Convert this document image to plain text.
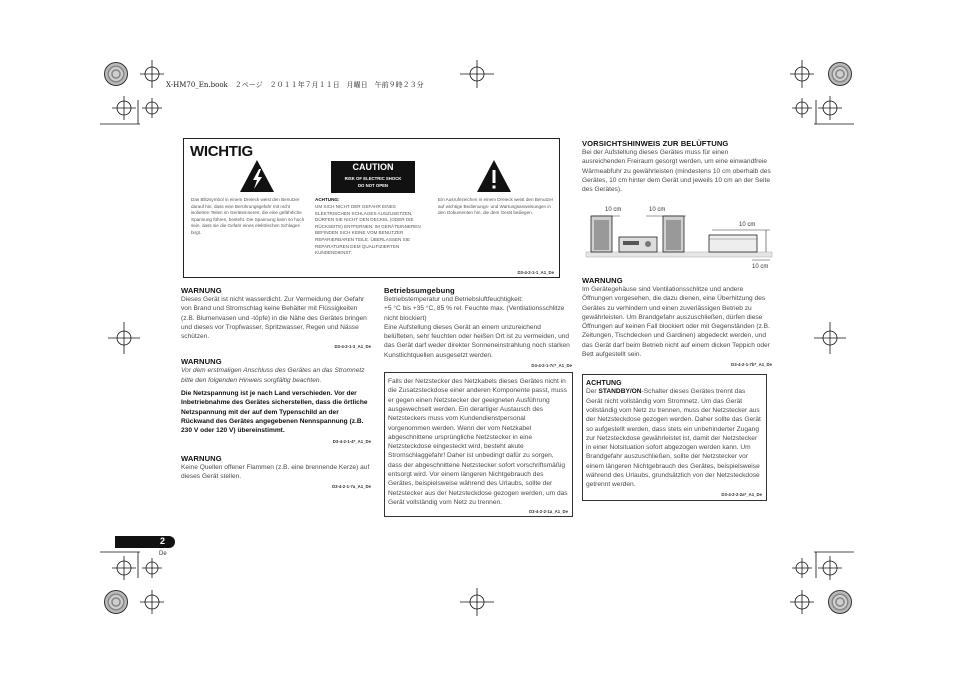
X-HM70_En.book　２ページ　２０１１年７月１１日　月曜日　午前９時２３分
WICHTIG
CAUTION
RISK OF ELECTRIC SHOCK
DO NOT OPEN
Das Blitzsymbol in einem Dreieck weist den Benutzer darauf hin, dass eine Berührungsgefahr mit nicht isolierten Teilen im Geräteinneren, die eine gefährliche Spannung führen, besteht. Die Spannung kann so hoch sein, dass sie die Gefahr eines elektrischen Schlages birgt.
ACHTUNG:
UM SICH NICHT DER GEFAHR EINES ELEKTRISCHEN SCHLAGES AUSZUSETZEN, DÜRFEN SIE NICHT DEN DECKEL (ODER DIE RÜCKSEITE) ENTFERNEN. IM GERÄTEINNEREN BEFINDEN SICH KEINE VOM BENUTZER REPARIERBAREN TEILE. ÜBERLASSEN SIE REPARATUREN DEM QUALIFIZIERTEN KUNDENDIENST.
Ein Ausrufezeichen in einem Dreieck weist den Benutzer auf wichtige Bedienungs- und Wartungsanweisungen in den Dokumenten hin, die dem Gerät beiliegen.
D3-4-2-1-1_A1_De
WARNUNG
Dieses Gerät ist nicht wasserdicht. Zur Vermeidung der Gefahr von Brand und Stromschlag keine Behälter mit Flüssigkeiten (z.B. Blumenvasen und -töpfe) in die Nähe des Gerätes bringen und dieses vor Tropfwasser, Spritzwasser, Regen und Nässe schützen.
D3-4-2-1-3_A1_De
WARNUNG
Vor dem erstmaligen Anschluss des Gerätes an das Stromnetz bitte den folgenden Hinweis sorgfältig beachten.
Die Netzspannung ist je nach Land verschieden. Vor der Inbetriebnahme des Gerätes sicherstellen, dass die örtliche Netzspannung mit der auf dem Typenschild an der Rückwand des Gerätes angegebenen Nennspannung (z.B. 230 V oder 120 V) übereinstimmt.
D3-4-2-1-4*_A1_De
WARNUNG
Keine Quellen offener Flammen (z.B. eine brennende Kerze) auf dieses Gerät stellen.
D3-4-2-1-7a_A1_De
Betriebsumgebung
Betriebstemperatur und Betriebsluftfeuchtigkeit:
+5 °C bis +35 °C, 85 % rel. Feuchte max. (Ventilationsschlitze nicht blockiert)
Eine Aufstellung dieses Gerät an einem unzureichend belüfteten, sehr feuchten oder heißen Ort ist zu vermeiden, und das Gerät darf weder direkter Sonneneinstrahlung noch starken Kunstlichtquellen ausgesetzt werden.
D3-4-2-1-7c*_A1_De
Falls der Netzstecker des Netzkabels dieses Gerätes nicht in die Zusatzsteckdose einer anderen Komponente passt, muss er gegen einen Netzstecker der geeigneten Ausführung ausgewechselt werden. Ein derartiger Austausch des Netzsteckers muss vom Kundendienstpersonal vorgenommen werden. Wenn der vom Netzkabel abgeschnittene ursprüngliche Netzstecker in eine Netzsteckdose eingesteckt wird, besteht akute Stromschlaggefahr! Daher ist unbedingt dafür zu sorgen, dass der abgeschnittene Netzstecker sofort vorschriftsmäßig entsorgt wird. Vor einem längeren Nichtgebrauch des Gerätes, beispielsweise während des Urlaubs, sollte der Netzstecker aus der Netzsteckdose gezogen werden, um das Gerät vollständig vom Netz zu trennen.
D3-4-2-2-1a_A1_De
VORSICHTSHINWEIS ZUR BELÜFTUNG
Bei der Aufstellung dieses Gerätes muss für einen ausreichenden Freiraum gesorgt werden, um eine einwandfreie Wärmeabfuhr zu gewährleisten (mindestens 10 cm oberhalb des Gerätes, 10 cm hinter dem Gerät und jeweils 10 cm an der Seite des Gerätes).
10 cm	10 cm
10 cm
10 cm
WARNUNG
Im Gerätegehäuse sind Ventilationsschlitze und andere Öffnungen vorgesehen, die dazu dienen, eine Überhitzung des Gerätes zu verhindern und einen zuverlässigen Betrieb zu gewährleisten. Um Brandgefahr auszuschließen, dürfen diese Öffnungen auf keinen Fall blockiert oder mit Gegenständen (z.B. Zeitungen, Tischdecken und Gardinen) abgedeckt werden, und das Gerät darf beim Betrieb nicht auf einem dicken Teppich oder Bett aufgestellt sein.
D3-4-2-1-7b*_A1_De
ACHTUNG
Der STANDBY/ON-Schalter dieses Gerätes trennt das Gerät nicht vollständig vom Stromnetz. Um das Gerät vollständig vom Netz zu trennen, muss der Netzstecker aus der Netzsteckdose gezogen werden. Daher sollte das Gerät so aufgestellt werden, dass stets ein unbehinderter Zugang zur Netzsteckdose gewährleistet ist, damit der Netzstecker in einer Notsituation sofort abgezogen werden kann. Um Brandgefahr auszuschließen, sollte der Netzstecker vor einem längeren Nichtgebrauch des Gerätes, beispielsweise während des Urlaubs, grundsätzlich von der Netzsteckdose getrennt werden.
D3-4-2-2-2a*_A1_De
2
De
